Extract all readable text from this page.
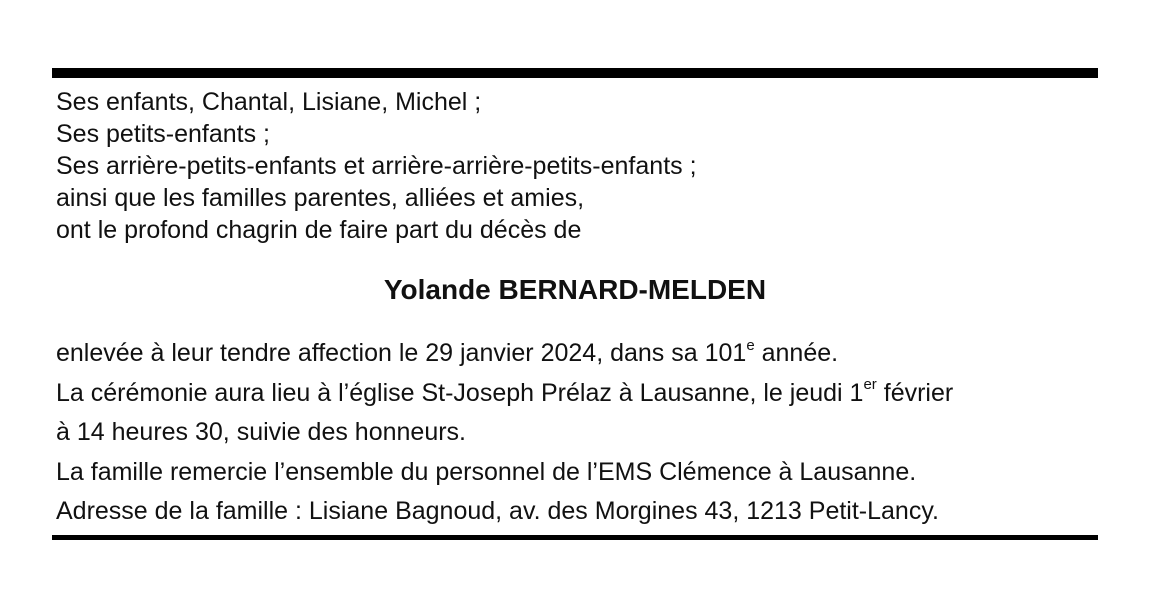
Ses enfants, Chantal, Lisiane, Michel ;
Ses petits-enfants ;
Ses arrière-petits-enfants et arrière-arrière-petits-enfants ;
ainsi que les familles parentes, alliées et amies,
ont le profond chagrin de faire part du décès de
Yolande BERNARD-MELDEN
enlevée à leur tendre affection le 29 janvier 2024, dans sa 101e année.
La cérémonie aura lieu à l’église St-Joseph Prélaz à Lausanne, le jeudi 1er février
à 14 heures 30, suivie des honneurs.
La famille remercie l’ensemble du personnel de l’EMS Clémence à Lausanne.
Adresse de la famille : Lisiane Bagnoud, av. des Morgines 43, 1213 Petit-Lancy.
